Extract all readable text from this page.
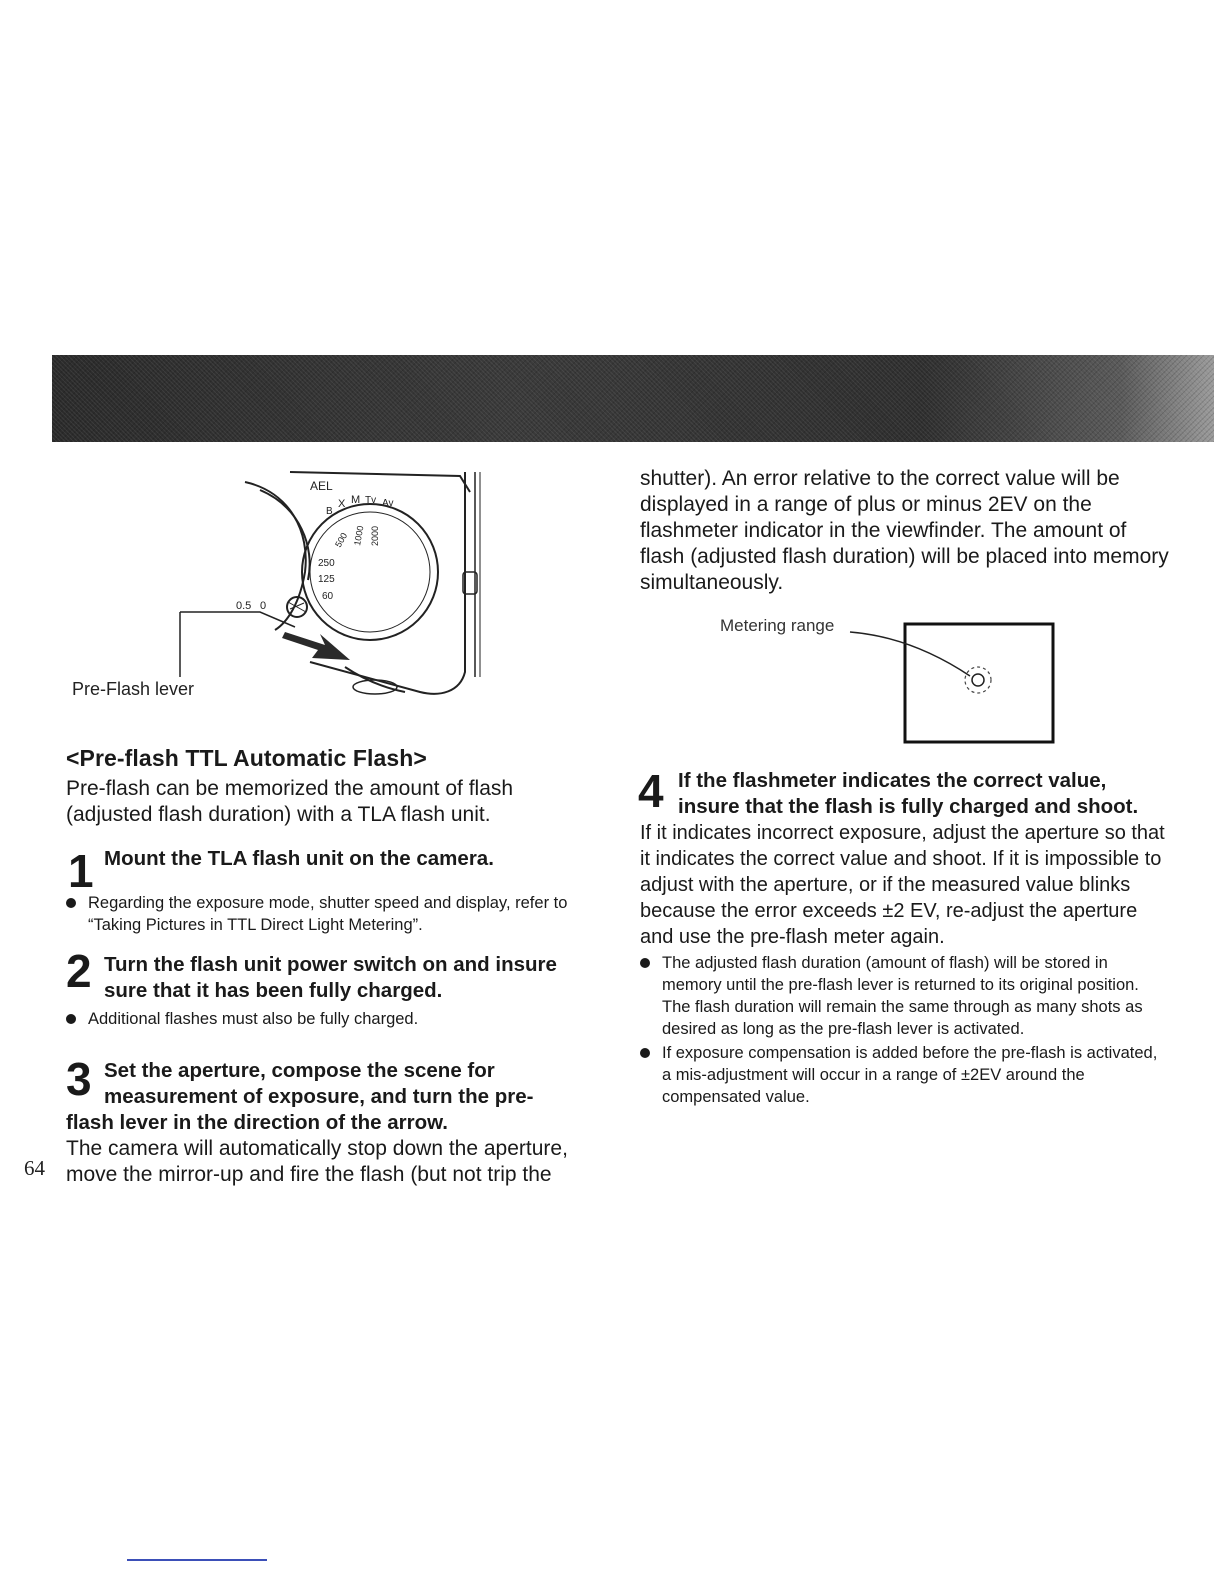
AEL
B
X M Tv Av
0.5 0
125
60
250
500 1000 2000
Pre-Flash lever
<Pre-flash TTL Automatic Flash>

Pre-flash can be memorized the amount of flash (adjusted flash duration) with a TLA flash unit.

1 Mount the TLA flash unit on the camera.

Regarding the exposure mode, shutter speed and display, refer to “Taking Pictures in TTL Direct Light Metering”.
2 Turn the flash unit power switch on and insure sure that it has been fully charged.

Additional flashes must also be fully charged.
3 Set the aperture, compose the scene for

measurement of exposure, and turn the pre-

flash lever in the direction of the arrow.

The camera will automatically stop down the aperture, move the mirror-up and fire the flash (but not trip the

64

shutter). An error relative to the correct value will be displayed in a range of plus or minus 2EV on the flashmeter indicator in the viewfinder. The amount of flash (adjusted flash duration) will be placed into memory simultaneously.

Metering range
4 If the flashmeter indicates the correct value,

insure that the flash is fully charged and shoot.

If it indicates incorrect exposure, adjust the aperture so that it indicates the correct value and shoot. If it is impossible to adjust with the aperture, or if the measured value blinks because the error exceeds ±2 EV, re-adjust the aperture and use the pre-flash meter again.

The adjusted flash duration (amount of flash) will be stored in memory until the pre-flash lever is returned to its original position. The flash duration will remain the same through as many shots as desired as long as the pre-flash lever is activated.
If exposure compensation is added before the pre-flash is activated, a mis-adjustment will occur in a range of ±2EV around the compensated value.
